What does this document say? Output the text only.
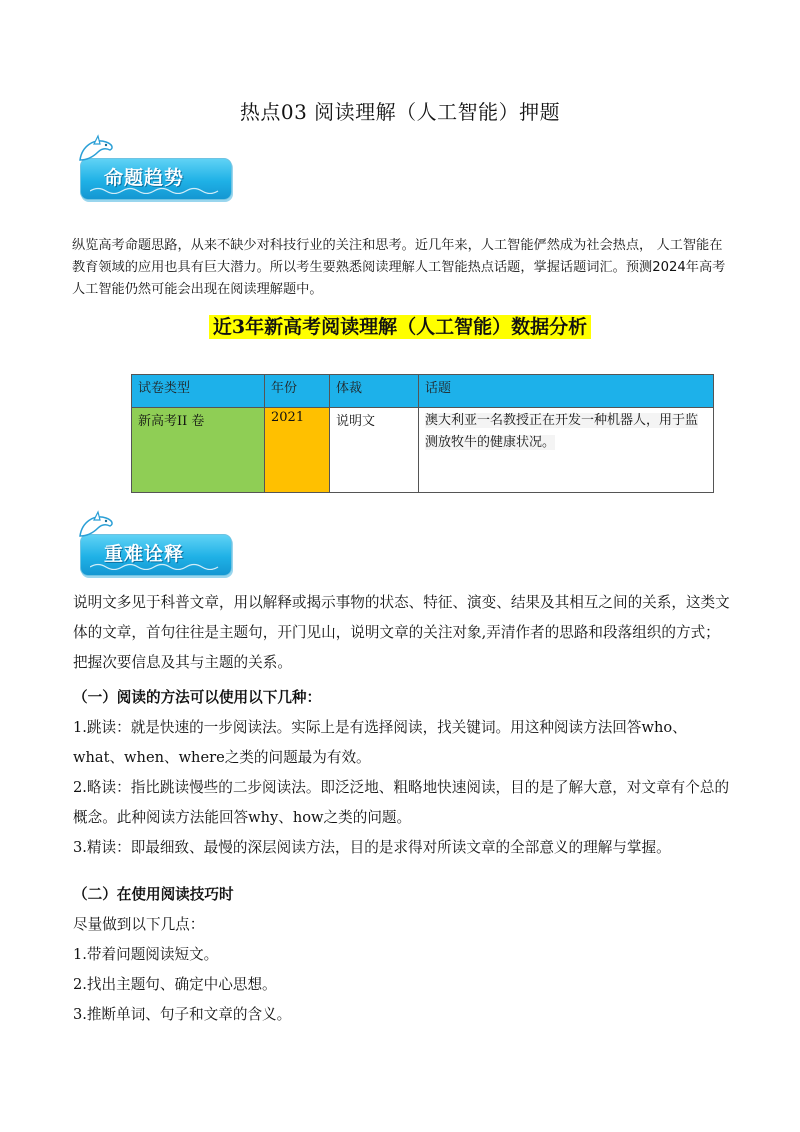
热点03 阅读理解（人工智能）押题
命题趋势
纵览高考命题思路，从来不缺少对科技行业的关注和思考。近几年来，人工智能俨然成为社会热点， 人工智能在教育领域的应用也具有巨大潜力。所以考生要熟悉阅读理解人工智能热点话题，掌握话题词汇。预测2024年高考人工智能仍然可能会出现在阅读理解题中。
近3年新高考阅读理解（人工智能）数据分析
试卷类型	年份	体裁	话题
新高考II 卷	2021	说明文	澳大利亚一名教授正在开发一种机器人，用于监测放牧牛的健康状况。
重难诠释
说明文多见于科普文章，用以解释或揭示事物的状态、特征、演变、结果及其相互之间的关系，这类文体的文章，首句往往是主题句，开门见山，说明文章的关注对象,弄清作者的思路和段落组织的方式；把握次要信息及其与主题的关系。

（一）阅读的方法可以使用以下几种：

1.跳读：就是快速的一步阅读法。实际上是有选择阅读，找关键词。用这种阅读方法回答who、what、when、where之类的问题最为有效。

2.略读：指比跳读慢些的二步阅读法。即泛泛地、粗略地快速阅读，目的是了解大意，对文章有个总的概念。此种阅读方法能回答why、how之类的问题。

3.精读：即最细致、最慢的深层阅读方法，目的是求得对所读文章的全部意义的理解与掌握。

（二）在使用阅读技巧时

尽量做到以下几点：

1.带着问题阅读短文。

2.找出主题句、确定中心思想。

3.推断单词、句子和文章的含义。
